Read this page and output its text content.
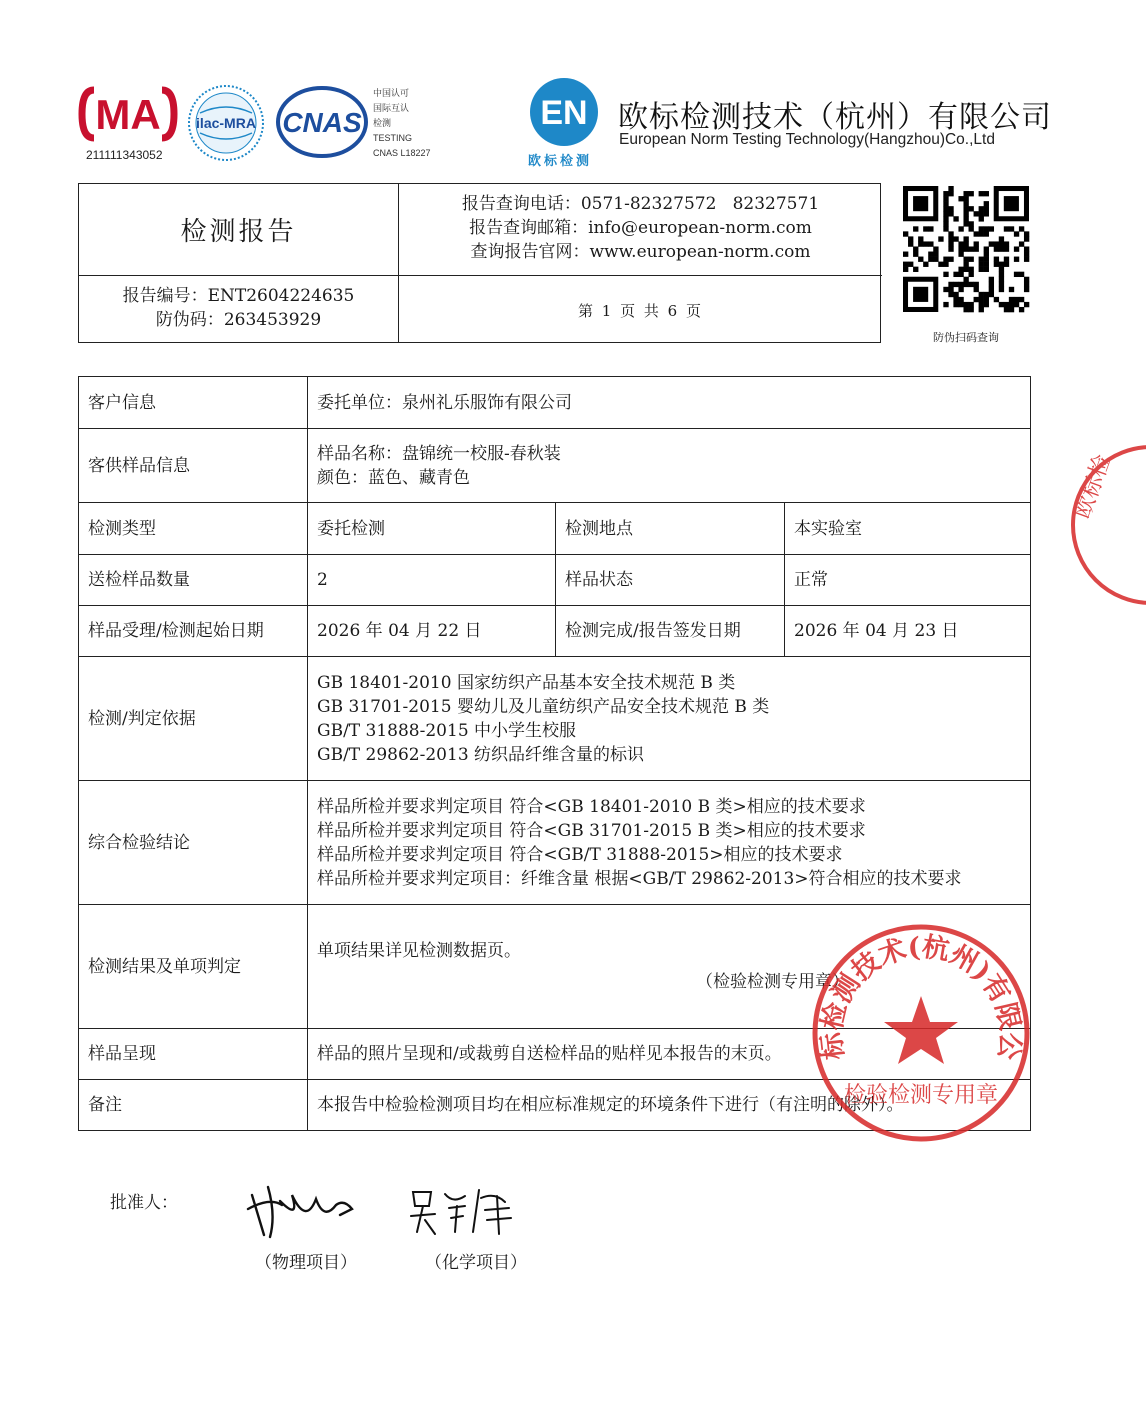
MA
211111343052
ilac-MRA CNAS
中国认可
国际互认
检测
TESTING
CNAS L18227
EN
欧标检测
欧标检测技术（杭州）有限公司
European Norm Testing Technology(Hangzhou)Co.,Ltd
检测报告
报告查询电话：0571-82327572   82327571
报告查询邮箱：info@european-norm.com
查询报告官网：www.european-norm.com
报告编号：ENT2604224635
防伪码：263453929	第 1 页 共 6 页
防伪扫码查询
客户信息	委托单位：泉州礼乐服饰有限公司		
客供样品信息	样品名称：盘锦统一校服-春秋装
颜色：蓝色、藏青色		

检测类型	委托检测	检测地点	本实验室
送检样品数量	2	样品状态	正常
样品受理/检测起始日期	2026 年 04 月 22 日	检测完成/报告签发日期	2026 年 04 月 23 日
检测/判定依据	GB 18401-2010 国家纺织产品基本安全技术规范 B 类
GB 31701-2015 婴幼儿及儿童纺织产品安全技术规范 B 类
GB/T 31888-2015 中小学生校服
GB/T 29862-2013 纺织品纤维含量的标识		

综合检验结论	样品所检并要求判定项目 符合<GB 18401-2010 B 类>相应的技术要求
样品所检并要求判定项目 符合<GB 31701-2015 B 类>相应的技术要求
样品所检并要求判定项目 符合<GB/T 31888-2015>相应的技术要求
样品所检并要求判定项目：纤维含量 根据<GB/T 29862-2013>符合相应的技术要求		

检测结果及单项判定	单项结果详见检测数据页。		

样品呈现	样品的照片呈现和/或裁剪自送检样品的贴样见本报告的末页。		
备注	本报告中检验检测项目均在相应标准规定的环境条件下进行（有注明的除外）。		
（检验检测专用章）
批准人：
（物理项目）	（化学项目）
标检测技术(杭州)有限公
检验检测专用章
欧标检
